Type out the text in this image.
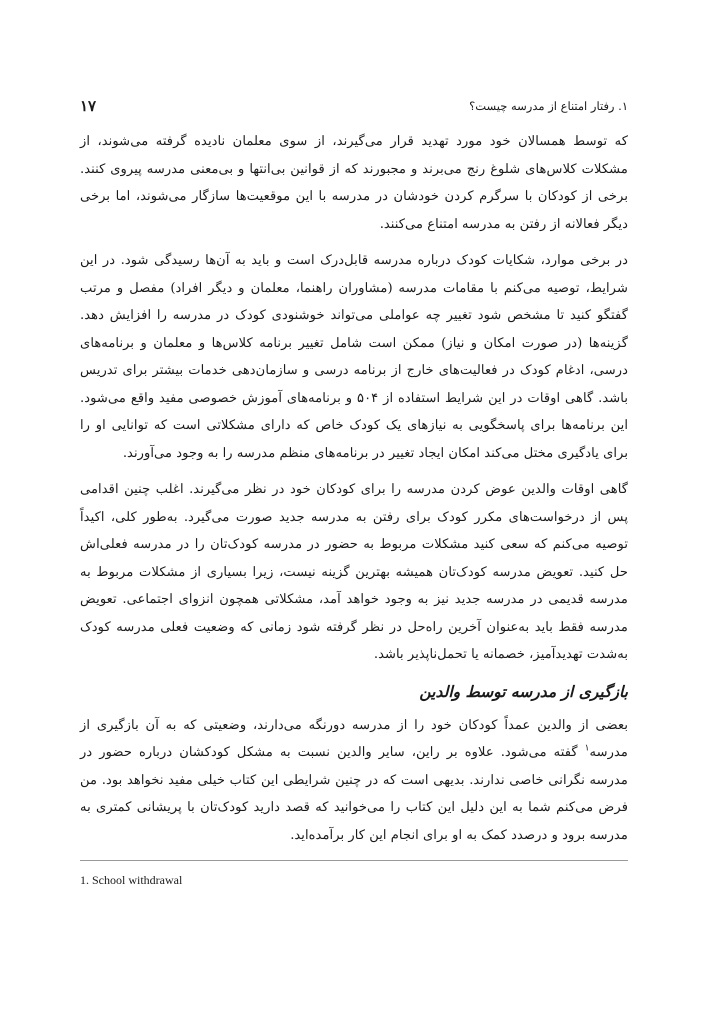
۱. رفتار امتناع از مدرسه چیست؟
۱۷

که توسط همسالان خود مورد تهدید قرار می‌گیرند، از سوی معلمان نادیده گرفته می‌شوند، از مشکلات کلاس‌های شلوغ رنج می‌برند و مجبورند که از قوانین بی‌انتها و بی‌معنی مدرسه پیروی کنند. برخی از کودکان با سرگرم کردن خودشان در مدرسه با این موقعیت‌ها سازگار می‌شوند، اما برخی دیگر فعالانه از رفتن به مدرسه امتناع می‌کنند.

در برخی موارد، شکایات کودک درباره مدرسه قابل‌درک است و باید به آن‌ها رسیدگی شود. در این شرایط، توصیه می‌کنم با مقامات مدرسه (مشاوران راهنما، معلمان و دیگر افراد) مفصل و مرتب گفتگو کنید تا مشخص شود تغییر چه عواملی می‌تواند خوشنودی کودک در مدرسه را افزایش دهد. گزینه‌ها (در صورت امکان و نیاز) ممکن است شامل تغییر برنامه کلاس‌ها و معلمان و برنامه‌های درسی، ادغام کودک در فعالیت‌های خارج از برنامه درسی و سازمان‌دهی خدمات بیشتر برای تدریس باشد. گاهی اوقات در این شرایط استفاده از ۵۰۴ و برنامه‌های آموزش خصوصی مفید واقع می‌شود. این برنامه‌ها برای پاسخگویی به نیازهای یک کودک خاص که دارای مشکلاتی است که توانایی او را برای یادگیری مختل می‌کند امکان ایجاد تغییر در برنامه‌های منظم مدرسه را به وجود می‌آورند.

گاهی اوقات والدین عوض کردن مدرسه را برای کودکان خود در نظر می‌گیرند. اغلب چنین اقدامی پس از درخواست‌های مکرر کودک برای رفتن به مدرسه جدید صورت می‌گیرد. به‌طور کلی، اکیداً توصیه می‌کنم که سعی کنید مشکلات مربوط به حضور در مدرسه کودک‌تان را در مدرسه فعلی‌اش حل کنید. تعویض مدرسه کودک‌تان همیشه بهترین گزینه نیست، زیرا بسیاری از مشکلات مربوط به مدرسه قدیمی در مدرسه جدید نیز به وجود خواهد آمد، مشکلاتی همچون انزوای اجتماعی. تعویض مدرسه فقط باید به‌عنوان آخرین راه‌حل در نظر گرفته شود زمانی که وضعیت فعلی مدرسه کودک به‌شدت تهدیدآمیز، خصمانه یا تحمل‌ناپذیر باشد.

بازگیری از مدرسه توسط والدین

بعضی از والدین عمداً کودکان خود را از مدرسه دورنگه می‌دارند، وضعیتی که به آن بازگیری از مدرسه$^۱$ گفته می‌شود. علاوه بر راین، سایر والدین نسبت به مشکل کودکشان درباره حضور در مدرسه نگرانی خاصی ندارند. بدیهی است که در چنین شرایطی این کتاب خیلی مفید نخواهد بود. من فرض می‌کنم شما به این دلیل این کتاب را می‌خوانید که قصد دارید کودک‌تان با پریشانی کمتری به مدرسه برود و درصدد کمک به او برای انجام این کار برآمده‌اید.

1. School withdrawal
